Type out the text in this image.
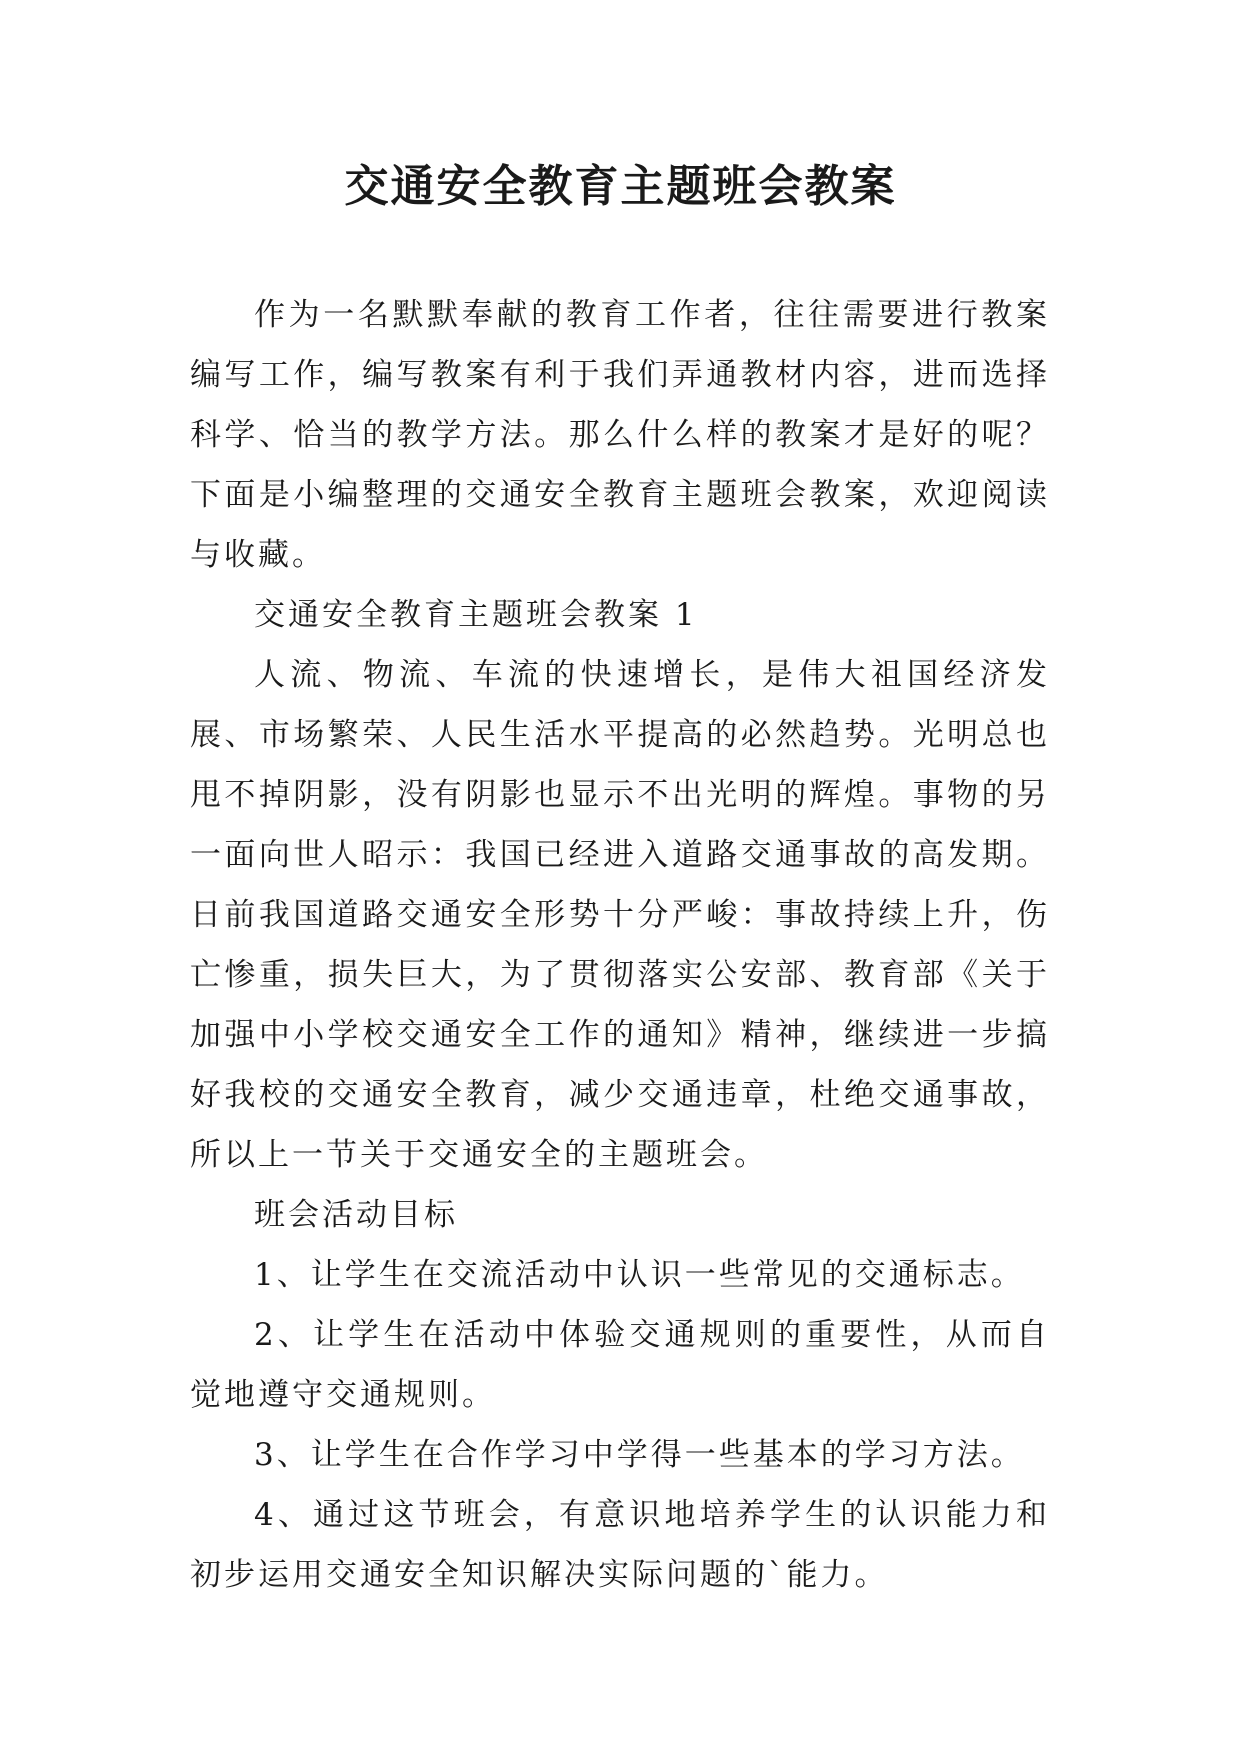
交通安全教育主题班会教案

作为一名默默奉献的教育工作者，往往需要进行教案编写工作，编写教案有利于我们弄通教材内容，进而选择科学、恰当的教学方法。那么什么样的教案才是好的呢？下面是小编整理的交通安全教育主题班会教案，欢迎阅读与收藏。

交通安全教育主题班会教案 1

人流、物流、车流的快速增长，是伟大祖国经济发展、市场繁荣、人民生活水平提高的必然趋势。光明总也甩不掉阴影，没有阴影也显示不出光明的辉煌。事物的另一面向世人昭示：我国已经进入道路交通事故的高发期。日前我国道路交通安全形势十分严峻：事故持续上升，伤亡惨重，损失巨大，为了贯彻落实公安部、教育部《关于加强中小学校交通安全工作的通知》精神，继续进一步搞好我校的交通安全教育，减少交通违章，杜绝交通事故，所以上一节关于交通安全的主题班会。

班会活动目标

1、让学生在交流活动中认识一些常见的交通标志。

2、让学生在活动中体验交通规则的重要性，从而自觉地遵守交通规则。

3、让学生在合作学习中学得一些基本的学习方法。

4、通过这节班会，有意识地培养学生的认识能力和初步运用交通安全知识解决实际问题的`能力。
